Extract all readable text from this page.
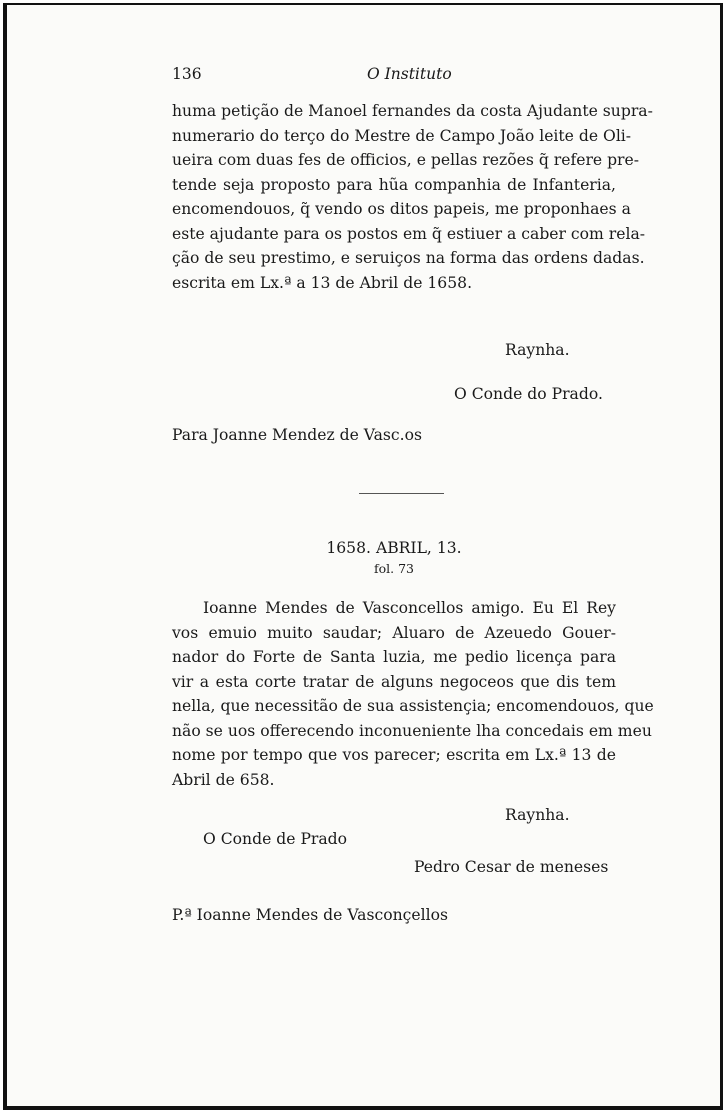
136	O Instituto
huma petição de Manoel fernandes da costa Ajudante supra-
numerario do terço do Mestre de Campo João leite de Oli-
ueira com duas fes de officios, e pellas rezões q̃ refere pre-
tende seja proposto para hũa companhia de Infanteria,
encomendouos, q̃ vendo os ditos papeis, me proponhaes a
este ajudante para os postos em q̃ estiuer a caber com rela-
ção de seu prestimo, e seruiços na forma das ordens dadas.
escrita em Lx.ª a 13 de Abril de 1658.
Raynha.
O Conde do Prado.
Para Joanne Mendez de Vasc.os
1658. ABRIL, 13.
fol. 73
Ioanne Mendes de Vasconcellos amigo. Eu El Rey
vos emuio muito saudar; Aluaro de Azeuedo Gouer-
nador do Forte de Santa luzia, me pedio licença para
vir a esta corte tratar de alguns negoceos que dis tem
nella, que necessitão de sua assistençia; encomendouos, que
não se uos offerecendo inconueniente lha concedais em meu
nome por tempo que vos parecer; escrita em Lx.ª 13 de
Abril de 658.
Raynha.
O Conde de Prado
Pedro Cesar de meneses
P.ª Ioanne Mendes de Vasconçellos
